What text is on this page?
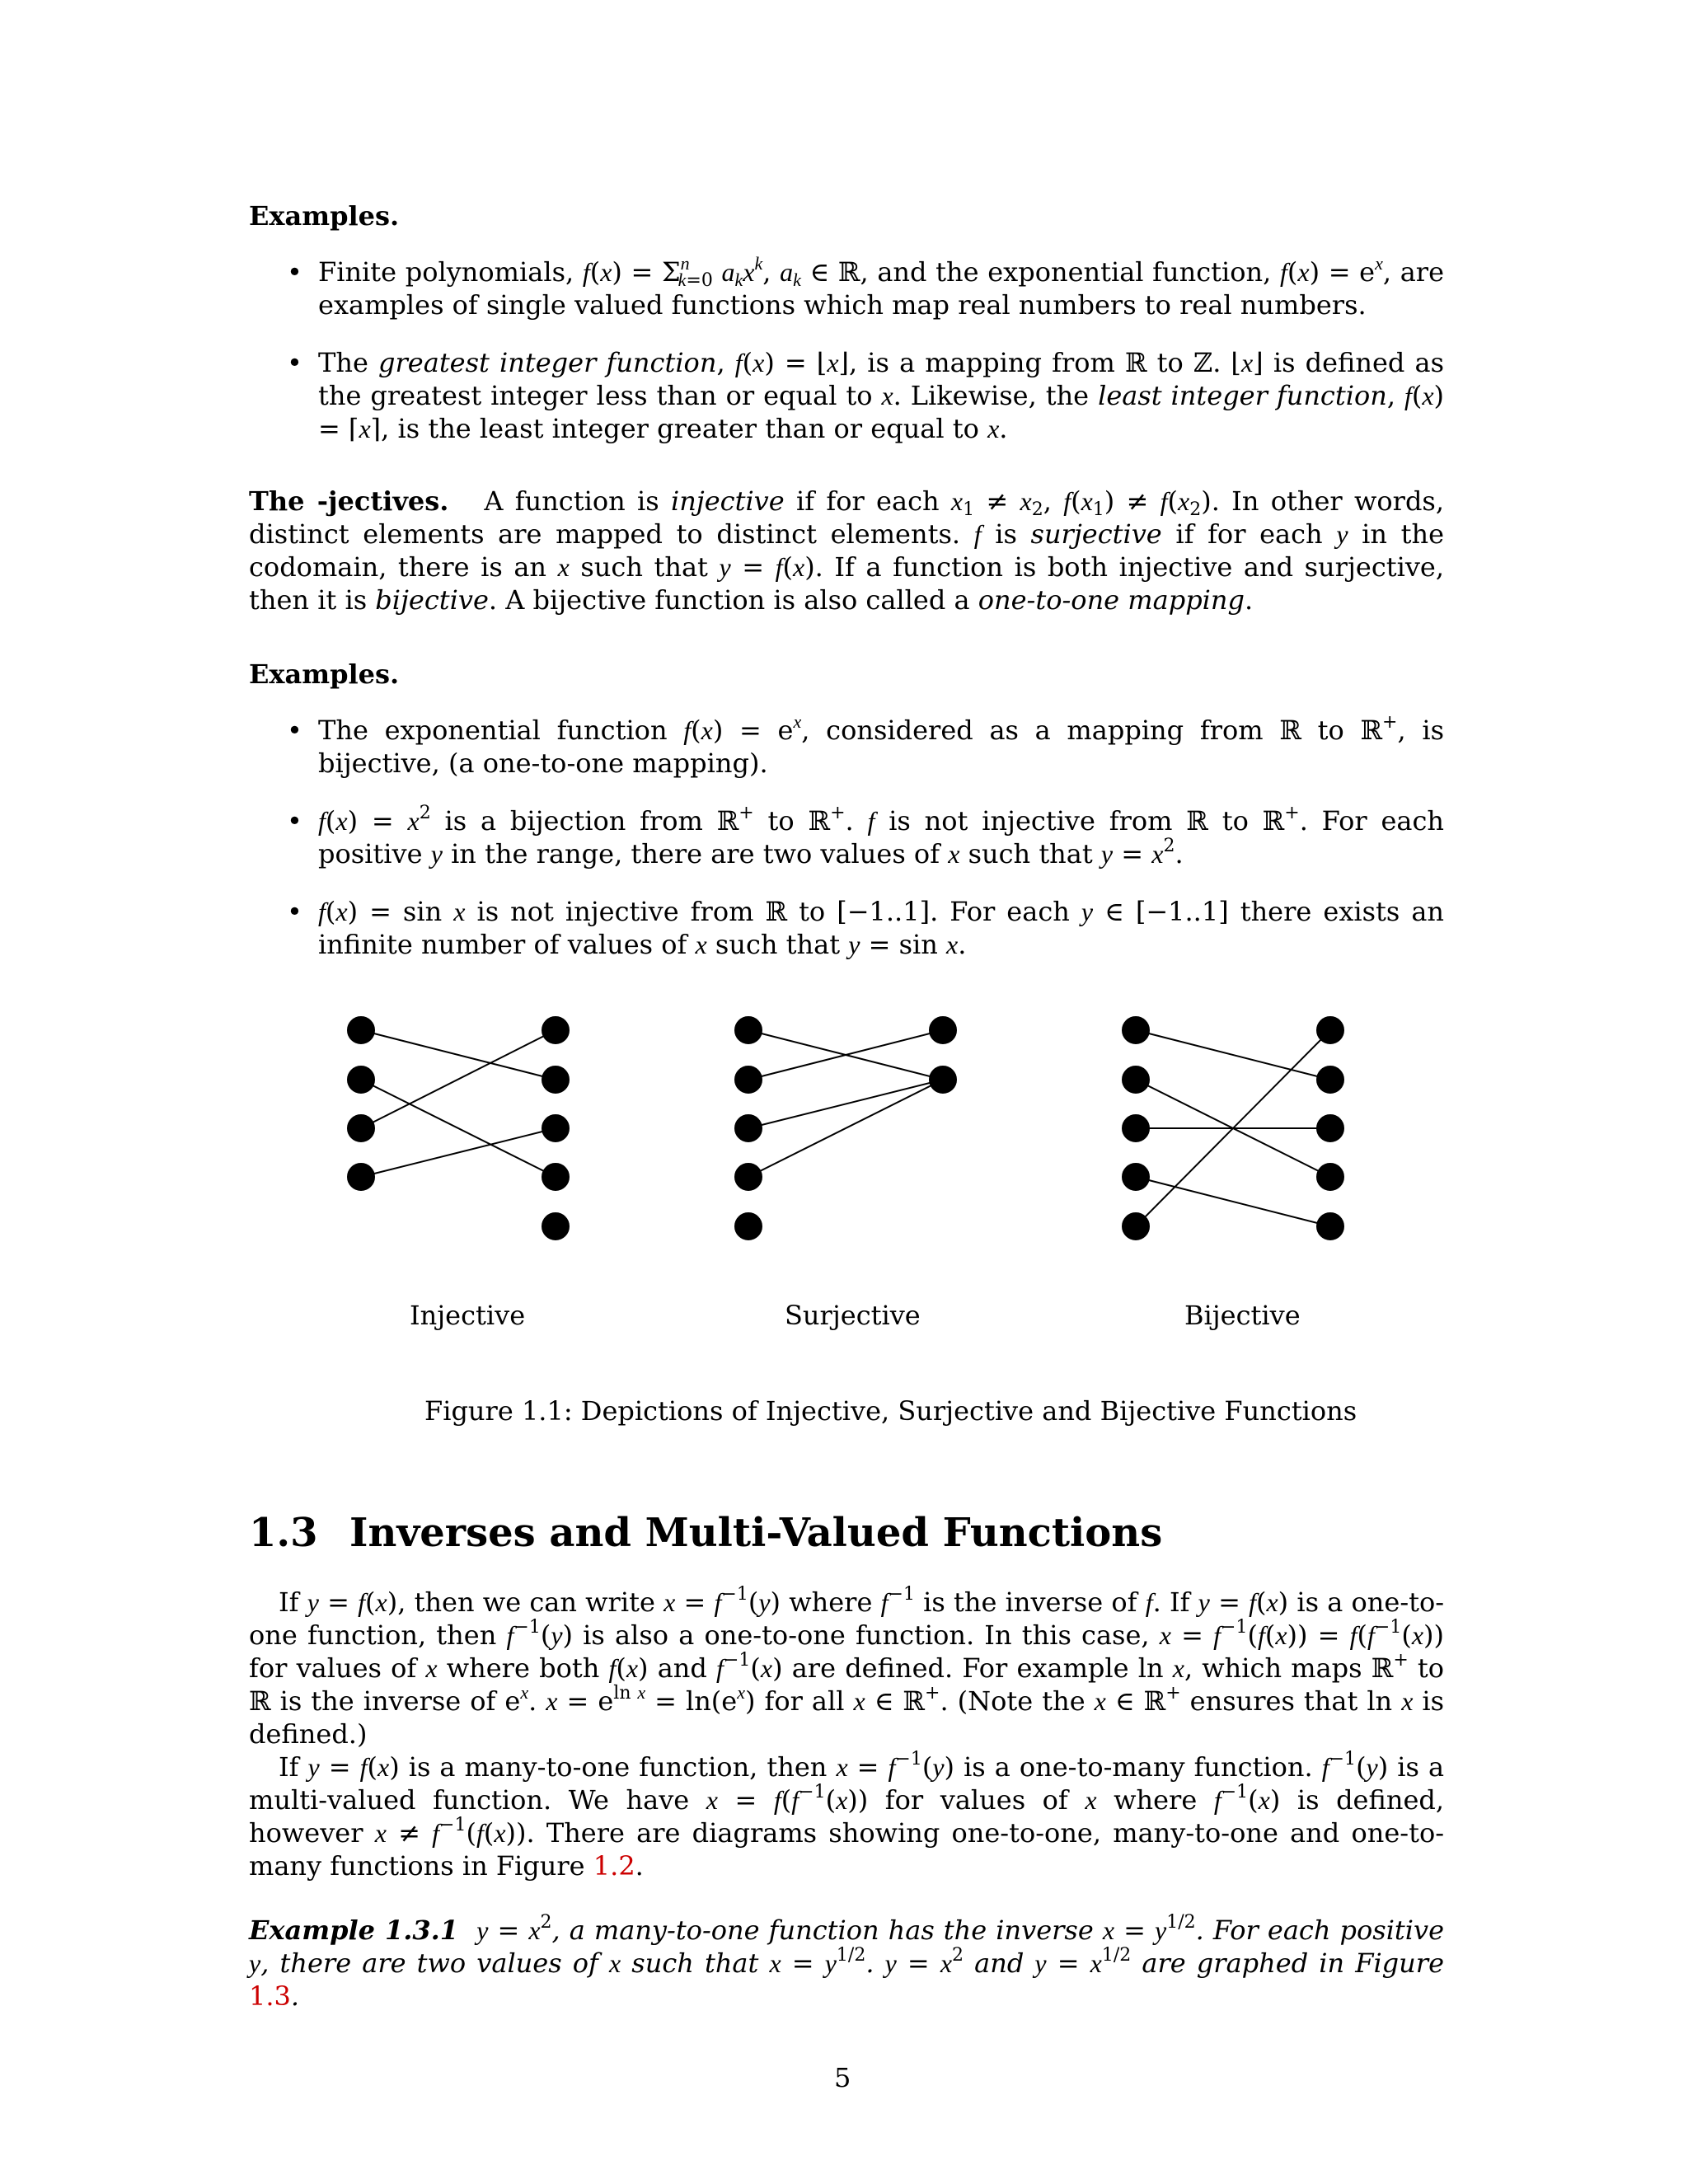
Examples.
• Finite polynomials, $f(x) = \Sigma^n_{k=0}$ $a_kx^k$, $a_k$ ∈ ℝ, and the exponential function, $f(x) = e^x$, are examples of single valued functions which map real numbers to real numbers.
• The greatest integer function, f(x) = ⌊x⌋, is a mapping from ℝ to ℤ. ⌊x⌋ is defined as the greatest integer less than or equal to x. Likewise, the least integer function, f(x) = ⌈x⌉, is the least integer greater than or equal to x.

The -jectives.   A function is injective if for each $x_1 \ne x_2$, $f(x_1) \ne f(x_2)$. In other words, distinct elements are mapped to distinct elements. f is surjective if for each y in the codomain, there is an x such that y = f(x). If a function is both injective and surjective, then it is bijective. A bijective function is also called a one-to-one mapping.

Examples.
• The exponential function $f(x) = e^x$, considered as a mapping from ℝ to ℝ+, is bijective, (a one-to-one mapping).
• $f(x) = x^2$ is a bijection from ℝ+ to ℝ+. f is not injective from ℝ to ℝ+. For each positive y in the range, there are two values of x such that $y = x^2$.
• f(x) = sin x is not injective from ℝ to [−1..1]. For each y ∈ [−1..1] there exists an infinite number of values of x such that y = sin x.
Injective	Surjective	Bijective
Figure 1.1: Depictions of Injective, Surjective and Bijective Functions
1.3 Inverses and Multi-Valued Functions

If y = f(x), then we can write $x = f^{-1}(y)$ where $f^{-1}$ is the inverse of f. If y = f(x) is a one-to-one function, then $f^{-1}(y)$ is also a one-to-one function. In this case, $x = f^{-1}(f(x)) = f(f^{-1}(x))$ for values of x where both f(x) and $f^{-1}(x)$ are defined. For example ln x, which maps ℝ+ to ℝ is the inverse of $e^x$. $x = e^{ln x} = \ln(e^x)$ for all x ∈ ℝ+. (Note the x ∈ ℝ+ ensures that ln x is defined.)

If y = f(x) is a many-to-one function, then $x = f^{-1}(y)$ is a one-to-many function. $f^{-1}(y)$ is a multi-valued function. We have $x = f(f^{-1}(x))$ for values of x where $f^{-1}(x)$ is defined, however $x \ne f^{-1}(f(x))$. There are diagrams showing one-to-one, many-to-one and one-to-many functions in Figure 1.2.

Example 1.3.1 $y = x^2$, a many-to-one function has the inverse $x = y^{1/2}$. For each positive y, there are two values of x such that $x = y^{1/2}$. $y = x^2$ and $y = x^{1/2}$ are graphed in Figure 1.3.

5
